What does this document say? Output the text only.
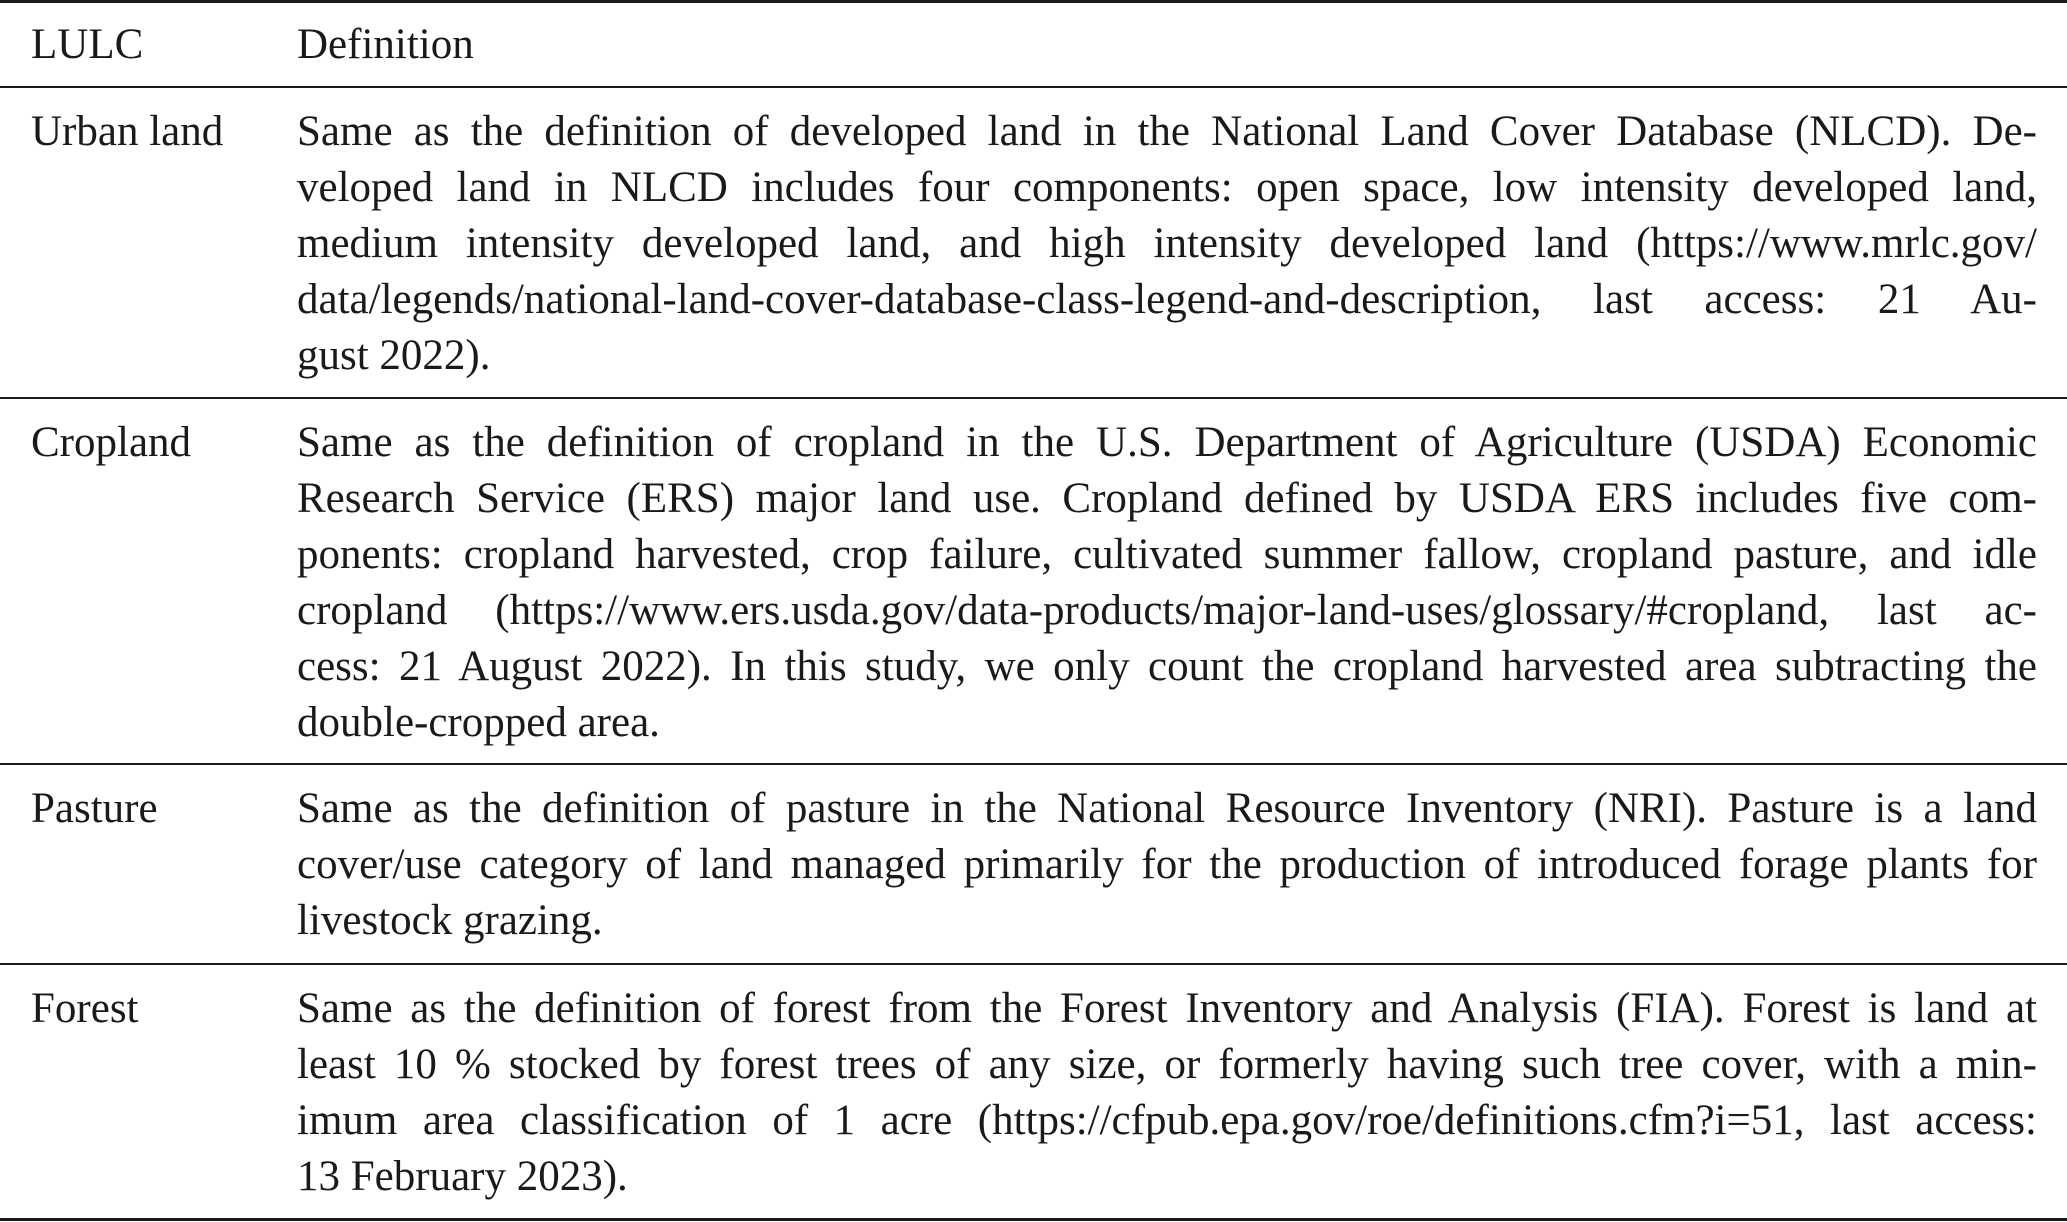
LULC	Definition
Urban land	Same as the definition of developed land in the National Land Cover Database (NLCD). De-
veloped land in NLCD includes four components: open space, low intensity developed land,
medium intensity developed land, and high intensity developed land (https://www.mrlc.gov/
data/legends/national-land-cover-database-class-legend-and-description, last access: 21 Au-
gust 2022).
Cropland	Same as the definition of cropland in the U.S. Department of Agriculture (USDA) Economic
Research Service (ERS) major land use. Cropland defined by USDA ERS includes five com-
ponents: cropland harvested, crop failure, cultivated summer fallow, cropland pasture, and idle
cropland (https://www.ers.usda.gov/data-products/major-land-uses/glossary/#cropland, last ac-
cess: 21 August 2022). In this study, we only count the cropland harvested area subtracting the
double-cropped area.
Pasture	Same as the definition of pasture in the National Resource Inventory (NRI). Pasture is a land
cover/use category of land managed primarily for the production of introduced forage plants for
livestock grazing.
Forest	Same as the definition of forest from the Forest Inventory and Analysis (FIA). Forest is land at
least 10 % stocked by forest trees of any size, or formerly having such tree cover, with a min-
imum area classification of 1 acre (https://cfpub.epa.gov/roe/definitions.cfm?i=51, last access:
13 February 2023).
